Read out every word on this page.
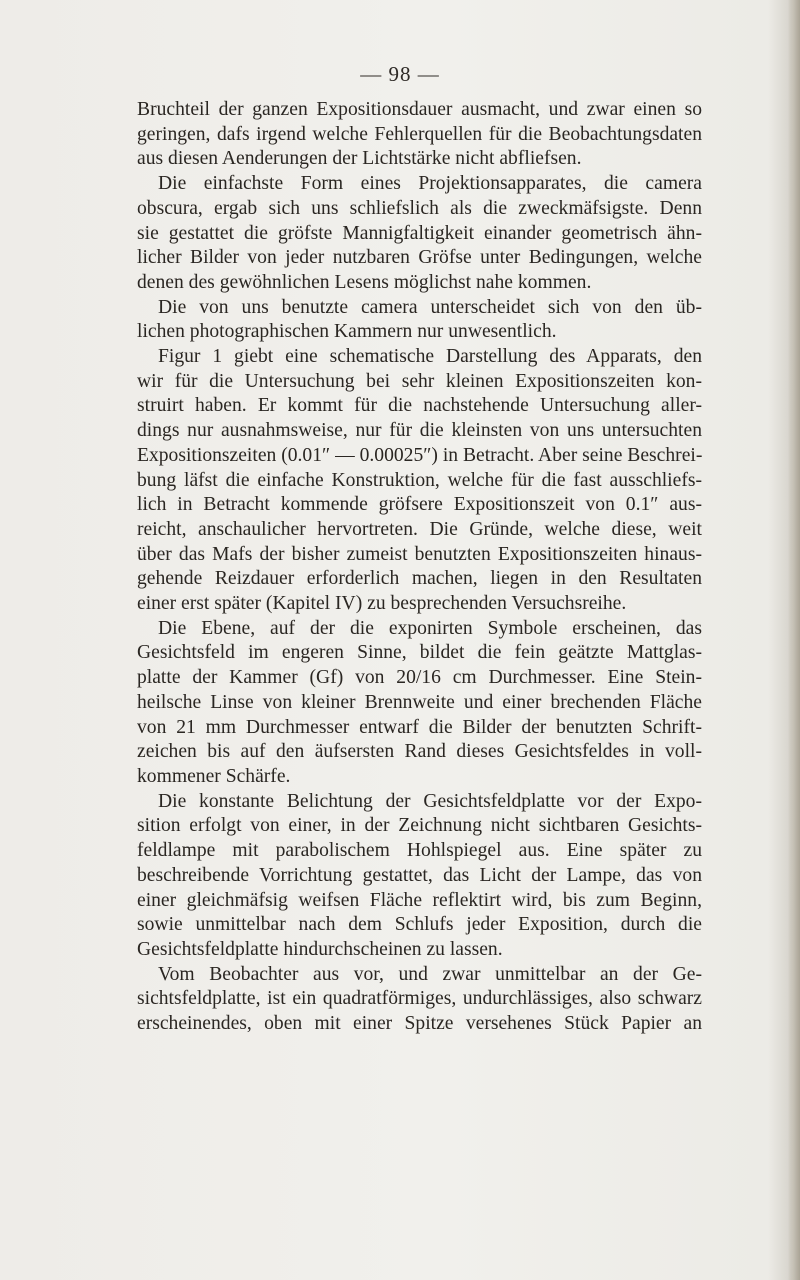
— 98 —

Bruchteil der ganzen Expositionsdauer ausmacht, und zwar einen so
geringen, dafs irgend welche Fehlerquellen für die Beobachtungsdaten
aus diesen Aenderungen der Lichtstärke nicht abfliefsen.

Die einfachste Form eines Projektionsapparates, die camera
obscura, ergab sich uns schliefslich als die zweckmäfsigste. Denn
sie gestattet die gröfste Mannigfaltigkeit einander geometrisch ähn-
licher Bilder von jeder nutzbaren Gröfse unter Bedingungen, welche
denen des gewöhnlichen Lesens möglichst nahe kommen.

Die von uns benutzte camera unterscheidet sich von den üb-
lichen photographischen Kammern nur unwesentlich.

Figur 1 giebt eine schematische Darstellung des Apparats, den
wir für die Untersuchung bei sehr kleinen Expositionszeiten kon-
struirt haben. Er kommt für die nachstehende Untersuchung aller-
dings nur ausnahmsweise, nur für die kleinsten von uns untersuchten
Expositionszeiten (0.01″ — 0.00025″) in Betracht. Aber seine Beschrei-
bung läfst die einfache Konstruktion, welche für die fast ausschliefs-
lich in Betracht kommende gröfsere Expositionszeit von 0.1″ aus-
reicht, anschaulicher hervortreten. Die Gründe, welche diese, weit
über das Mafs der bisher zumeist benutzten Expositionszeiten hinaus-
gehende Reizdauer erforderlich machen, liegen in den Resultaten
einer erst später (Kapitel IV) zu besprechenden Versuchsreihe.

Die Ebene, auf der die exponirten Symbole erscheinen, das
Gesichtsfeld im engeren Sinne, bildet die fein geätzte Mattglas-
platte der Kammer (Gf) von 20/16 cm Durchmesser. Eine Stein-
heilsche Linse von kleiner Brennweite und einer brechenden Fläche
von 21 mm Durchmesser entwarf die Bilder der benutzten Schrift-
zeichen bis auf den äufsersten Rand dieses Gesichtsfeldes in voll-
kommener Schärfe.

Die konstante Belichtung der Gesichtsfeldplatte vor der Expo-
sition erfolgt von einer, in der Zeichnung nicht sichtbaren Gesichts-
feldlampe mit parabolischem Hohlspiegel aus. Eine später zu
beschreibende Vorrichtung gestattet, das Licht der Lampe, das von
einer gleichmäfsig weifsen Fläche reflektirt wird, bis zum Beginn,
sowie unmittelbar nach dem Schlufs jeder Exposition, durch die
Gesichtsfeldplatte hindurchscheinen zu lassen.

Vom Beobachter aus vor, und zwar unmittelbar an der Ge-
sichtsfeldplatte, ist ein quadratförmiges, undurchlässiges, also schwarz
erscheinendes, oben mit einer Spitze versehenes Stück Papier an
